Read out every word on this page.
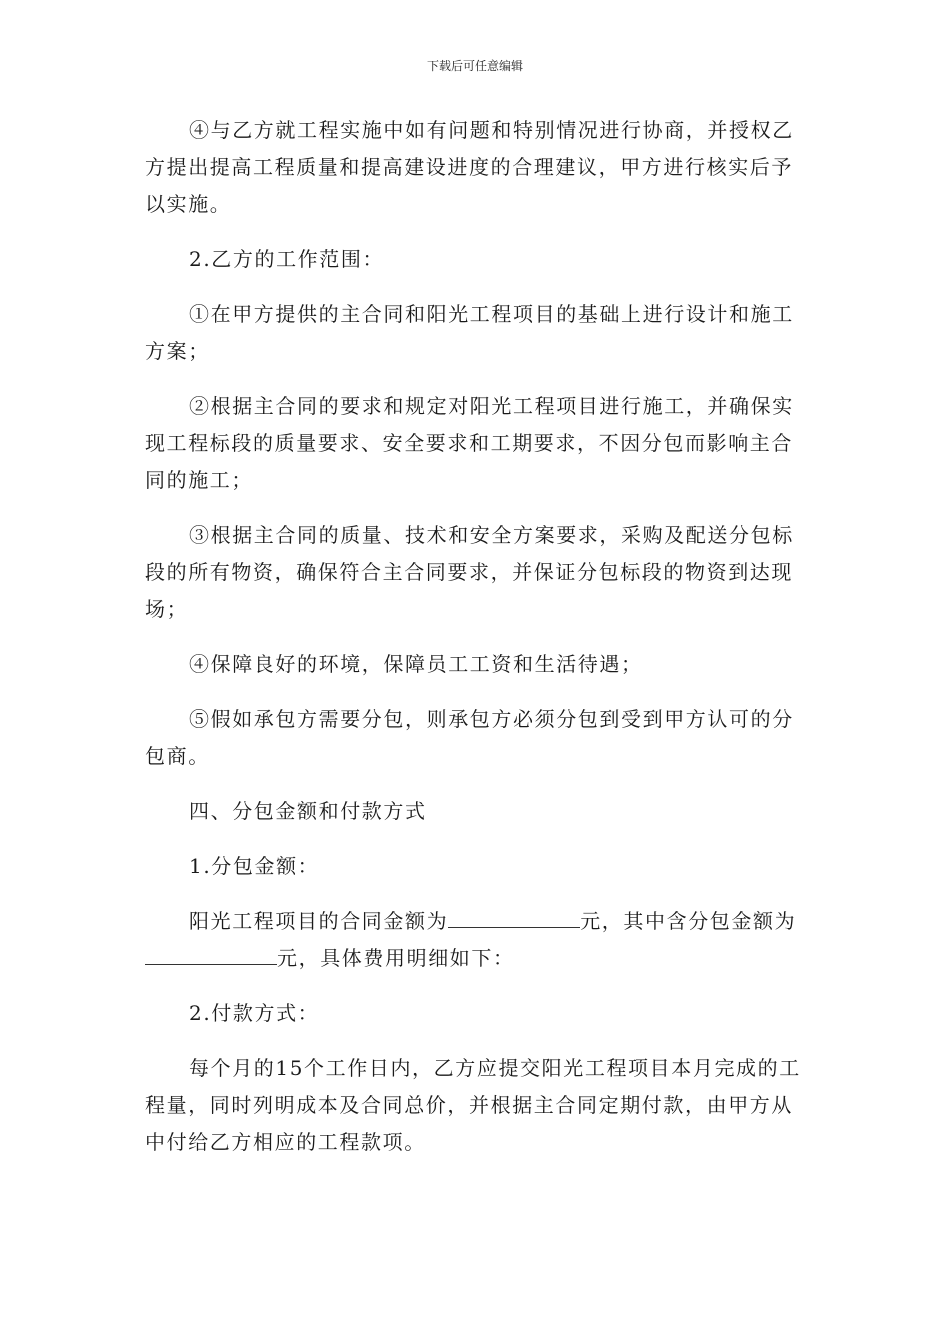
下载后可任意编辑

④与乙方就工程实施中如有问题和特别情况进行协商，并授权乙方提出提高工程质量和提高建设进度的合理建议，甲方进行核实后予以实施。

2.乙方的工作范围：

①在甲方提供的主合同和阳光工程项目的基础上进行设计和施工方案；

②根据主合同的要求和规定对阳光工程项目进行施工，并确保实现工程标段的质量要求、安全要求和工期要求，不因分包而影响主合同的施工；

③根据主合同的质量、技术和安全方案要求，采购及配送分包标段的所有物资，确保符合主合同要求，并保证分包标段的物资到达现场；

④保障良好的环境，保障员工工资和生活待遇；

⑤假如承包方需要分包，则承包方必须分包到受到甲方认可的分包商。

四、分包金额和付款方式

1.分包金额：

阳光工程项目的合同金额为	元，其中含分包金额为元，具体费用明细如下：

2.付款方式：

每个月的15个工作日内，乙方应提交阳光工程项目本月完成的工程量，同时列明成本及合同总价，并根据主合同定期付款，由甲方从中付给乙方相应的工程款项。
